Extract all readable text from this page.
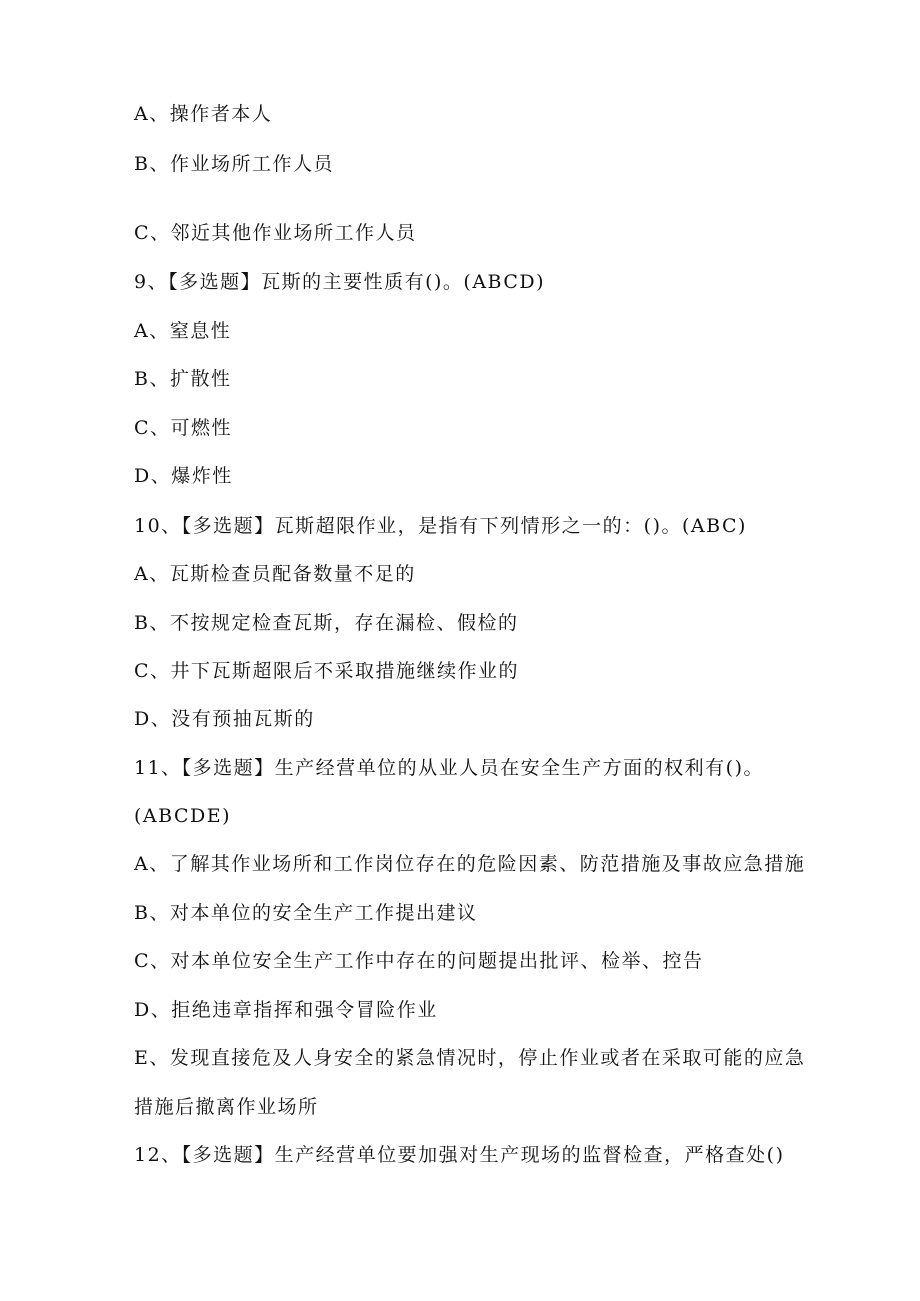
A、操作者本人
B、作业场所工作人员
C、邻近其他作业场所工作人员
9、【多选题】瓦斯的主要性质有()。(ABCD)
A、窒息性
B、扩散性
C、可燃性
D、爆炸性
10、【多选题】瓦斯超限作业，是指有下列情形之一的：()。(ABC)
A、瓦斯检查员配备数量不足的
B、不按规定检查瓦斯，存在漏检、假检的
C、井下瓦斯超限后不采取措施继续作业的
D、没有预抽瓦斯的
11、【多选题】生产经营单位的从业人员在安全生产方面的权利有()。
(ABCDE)
A、了解其作业场所和工作岗位存在的危险因素、防范措施及事故应急措施
B、对本单位的安全生产工作提出建议
C、对本单位安全生产工作中存在的问题提出批评、检举、控告
D、拒绝违章指挥和强令冒险作业
E、发现直接危及人身安全的紧急情况时，停止作业或者在采取可能的应急
措施后撤离作业场所
12、【多选题】生产经营单位要加强对生产现场的监督检查，严格查处()
